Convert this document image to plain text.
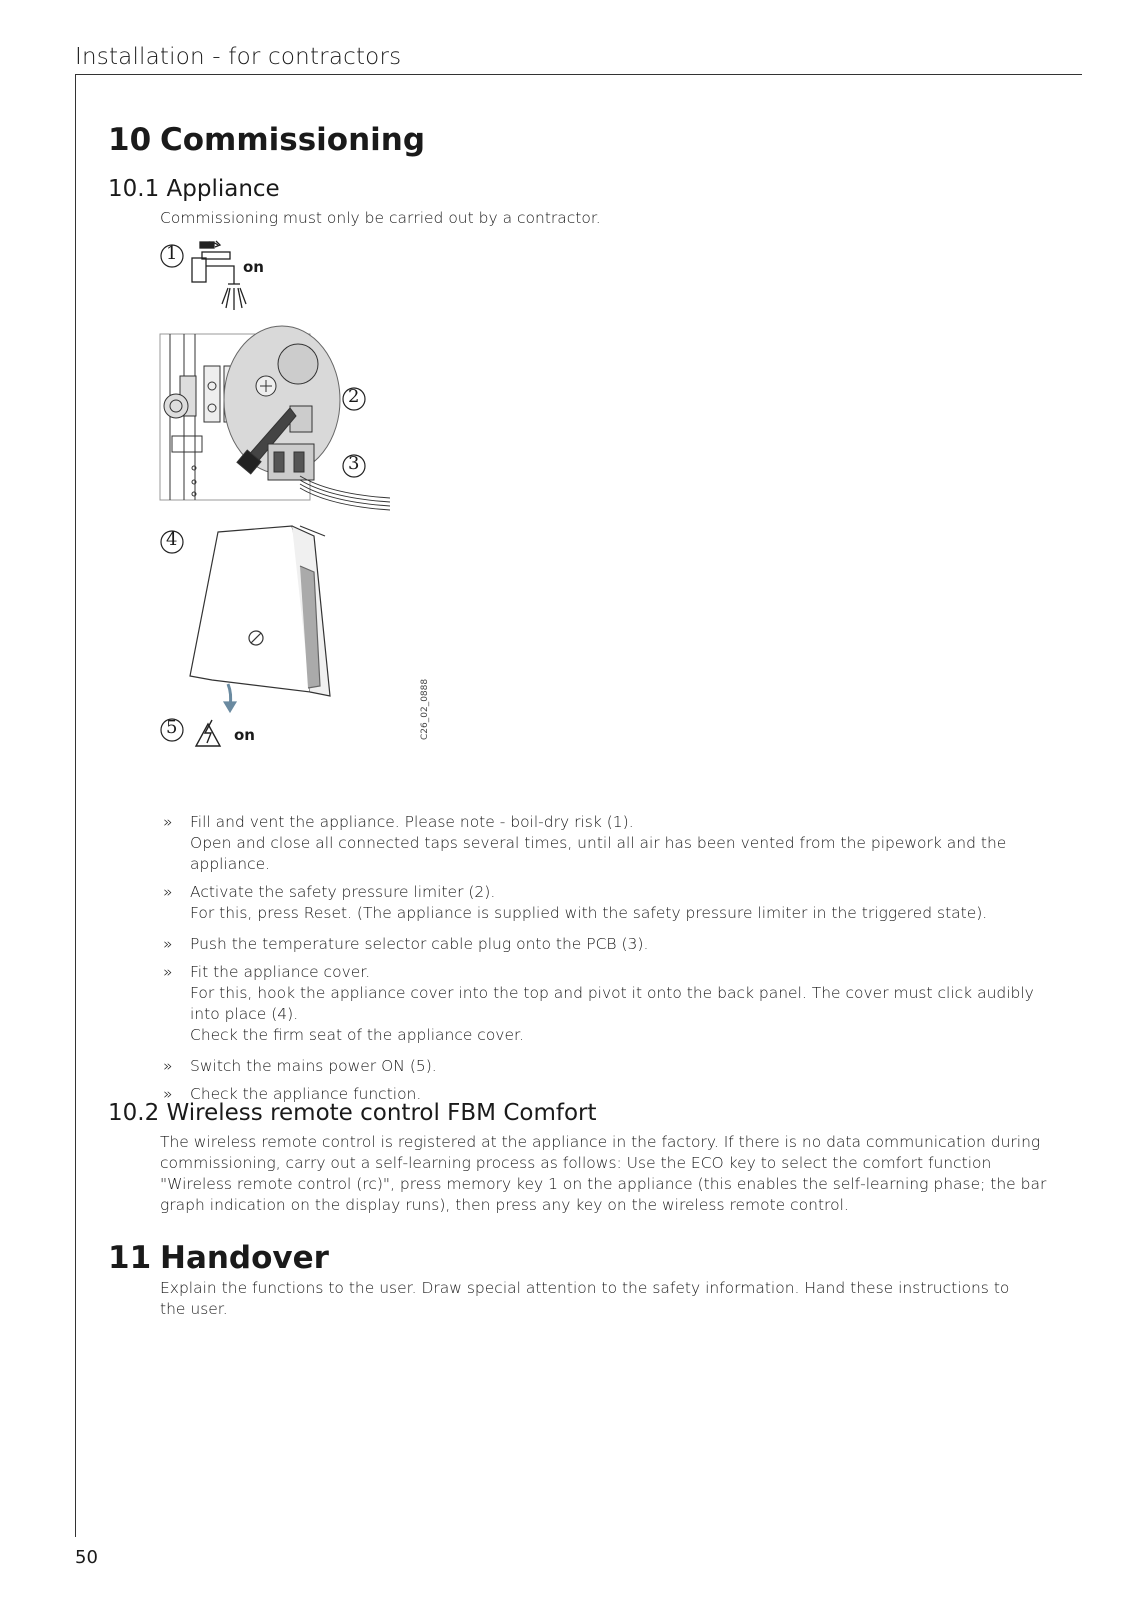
Installation - for contractors
10 Commissioning
10.1 Appliance
Commissioning must only be carried out by a contractor.
1
on
2
3
4
5	on	C26_02_0888
» Fill and vent the appliance. Please note - boil-dry risk (1).
Open and close all connected taps several times, until all air has been vented from the pipework and the
appliance.
» Activate the safety pressure limiter (2).
For this, press Reset. (The appliance is supplied with the safety pressure limiter in the triggered state).
» Push the temperature selector cable plug onto the PCB (3).
» Fit the appliance cover.
For this, hook the appliance cover into the top and pivot it onto the back panel. The cover must click audibly
into place (4).
Check the firm seat of the appliance cover.
» Switch the mains power ON (5).
» Check the appliance function.
10.2 Wireless remote control FBM Comfort
The wireless remote control is registered at the appliance in the factory. If there is no data communication during
commissioning, carry out a self-learning process as follows: Use the ECO key to select the comfort function
"Wireless remote control (rc)", press memory key 1 on the appliance (this enables the self-learning phase; the bar
graph indication on the display runs), then press any key on the wireless remote control.
11 Handover
Explain the functions to the user. Draw special attention to the safety information. Hand these instructions to
the user.
50
